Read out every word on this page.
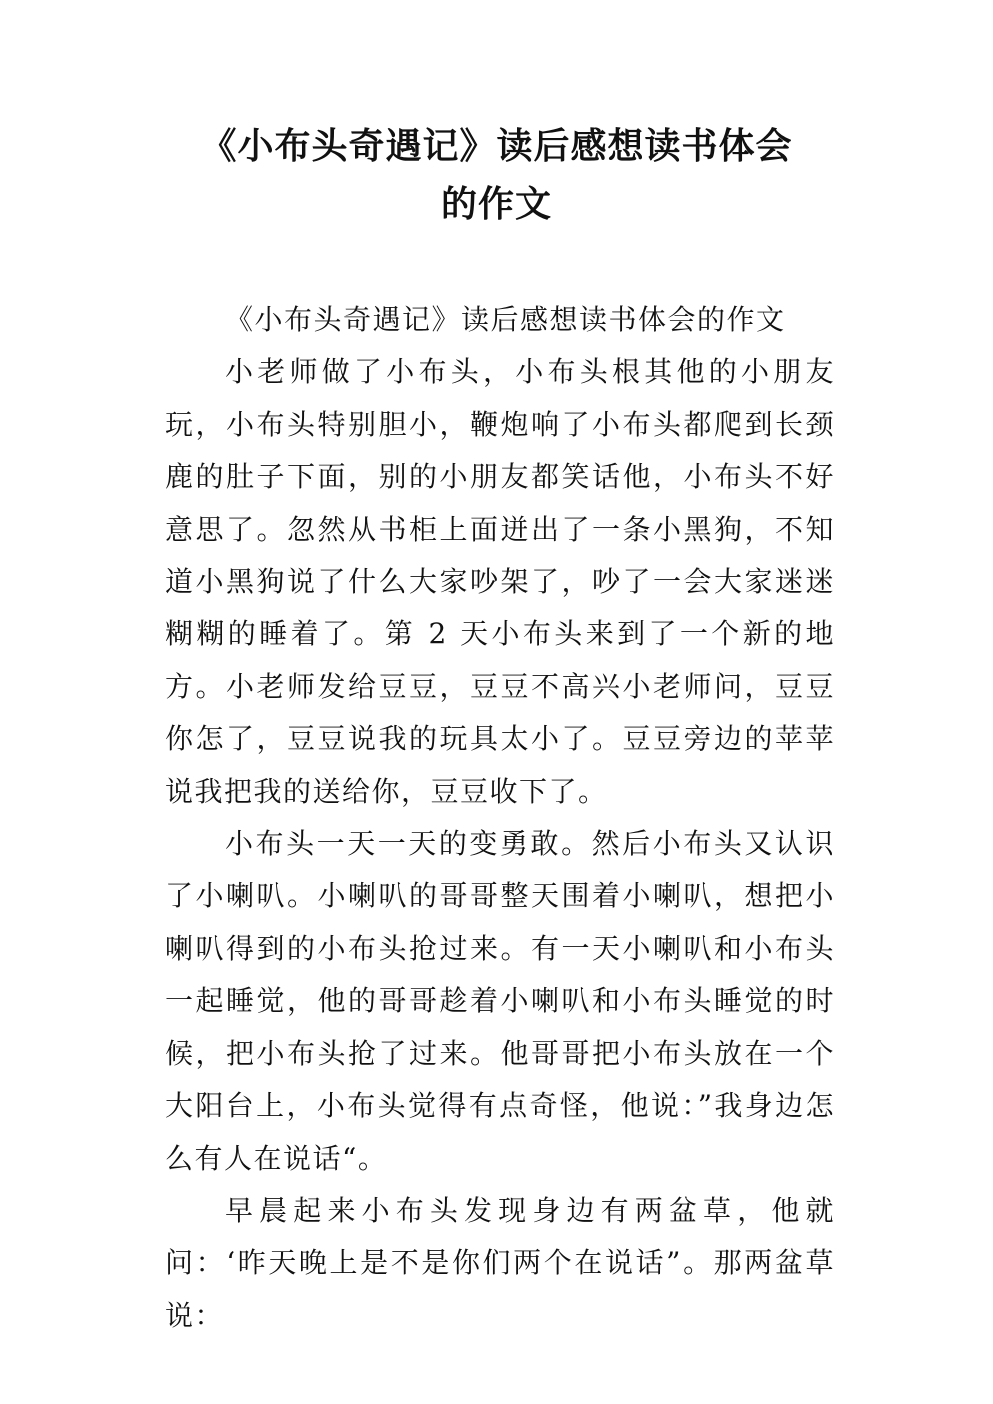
《小布头奇遇记》读后感想读书体会
的作文

《小布头奇遇记》读后感想读书体会的作文

小老师做了小布头，小布头根其他的小朋友玩，小布头特别胆小，鞭炮响了小布头都爬到长颈鹿的肚子下面，别的小朋友都笑话他，小布头不好意思了。忽然从书柜上面迸出了一条小黑狗，不知道小黑狗说了什么大家吵架了，吵了一会大家迷迷糊糊的睡着了。第 2 天小布头来到了一个新的地方。小老师发给豆豆，豆豆不高兴小老师问，豆豆你怎了，豆豆说我的玩具太小了。豆豆旁边的苹苹说我把我的送给你，豆豆收下了。

小布头一天一天的变勇敢。然后小布头又认识了小喇叭。小喇叭的哥哥整天围着小喇叭，想把小喇叭得到的小布头抢过来。有一天小喇叭和小布头一起睡觉，他的哥哥趁着小喇叭和小布头睡觉的时候，把小布头抢了过来。他哥哥把小布头放在一个大阳台上，小布头觉得有点奇怪，他说：”我身边怎么有人在说话“。

早晨起来小布头发现身边有两盆草，他就问：‘昨天晚上是不是你们两个在说话”。那两盆草说：
